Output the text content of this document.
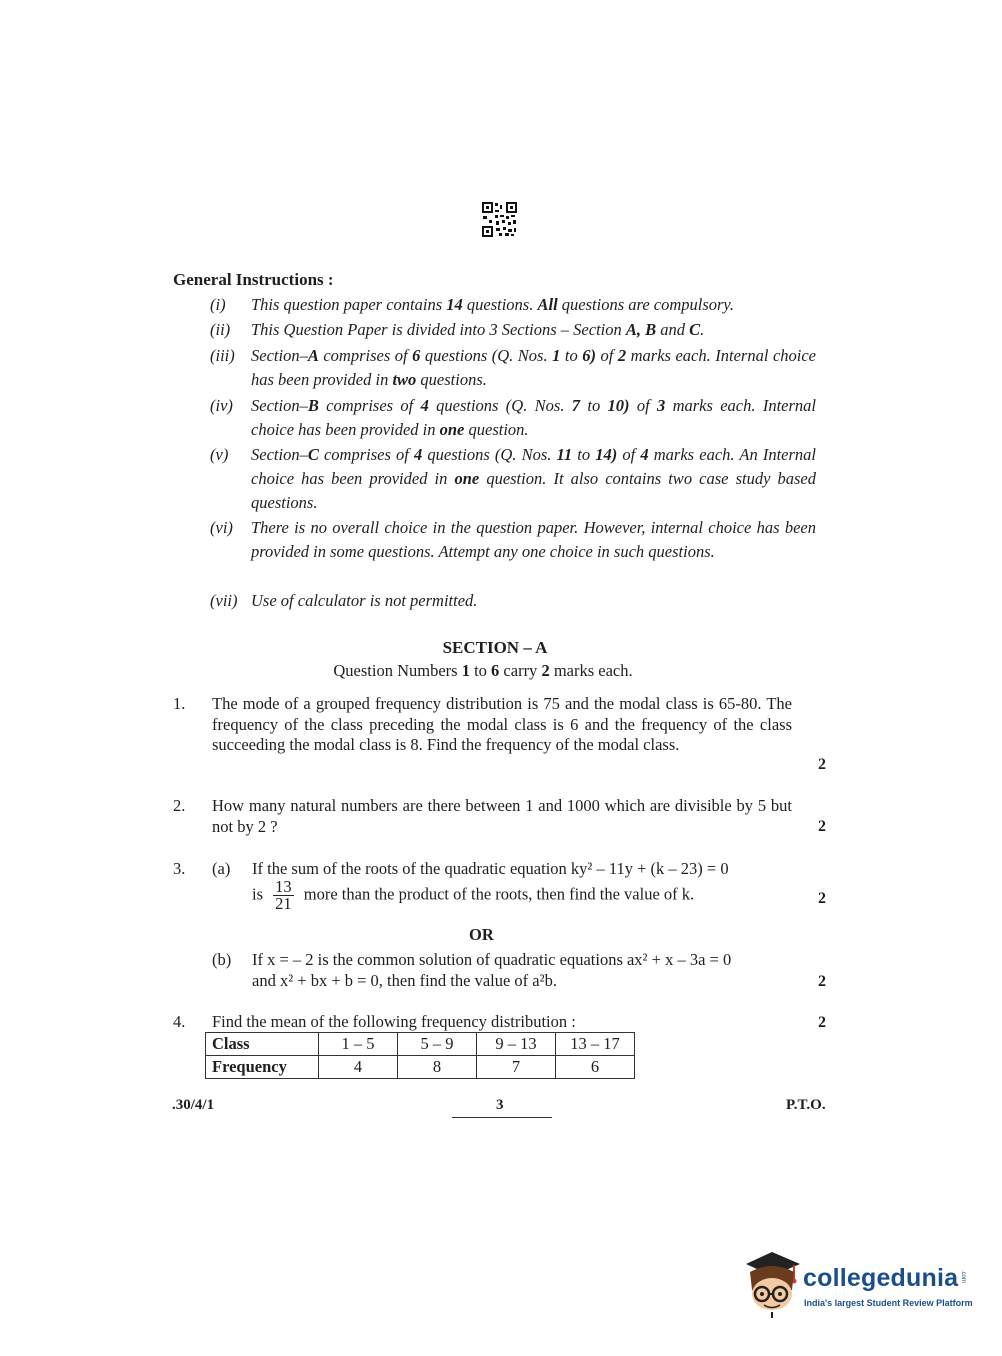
General Instructions :
(i)	This question paper contains 14 questions. All questions are compulsory.
(ii)	This Question Paper is divided into 3 Sections – Section A, B and C.
(iii) Section–A comprises of 6 questions (Q. Nos. 1 to 6) of 2 marks each. Internal choice has been provided in two questions.
(iv)	Section–B comprises of 4 questions (Q. Nos. 7 to 10) of 3 marks each. Internal choice has been provided in one question.
(v)	Section–C comprises of 4 questions (Q. Nos. 11 to 14) of 4 marks each. An Internal choice has been provided in one question. It also contains two case study based questions.
(vi)	There is no overall choice in the question paper. However, internal choice has been provided in some questions. Attempt any one choice in such questions.
(vii) Use of calculator is not permitted.
SECTION – A
Question Numbers 1 to 6 carry 2 marks each.
1. The mode of a grouped frequency distribution is 75 and the modal class is 65-80. The frequency of the class preceding the modal class is 6 and the frequency of the class succeeding the modal class is 8. Find the frequency of the modal class.
2
2. How many natural numbers are there between 1 and 1000 which are divisible by 5 but not by 2 ?	2
3. (a) If the sum of the roots of the quadratic equation ky² – 11y + (k – 23) = 0
is $\frac{13}{21}$ more than the product of the roots, then find the value of k.	2
OR
(b) If x = – 2 is the common solution of quadratic equations ax² + x – 3a = 0
and x² + bx + b = 0, then find the value of a²b.	2
4. Find the mean of the following frequency distribution :	2
Class	1 – 5	5 – 9	9 – 13	13 – 17
Frequency	4	8	7	6
.30/4/1	3	P.T.O.
collegedunia .com
India's largest Student Review Platform
